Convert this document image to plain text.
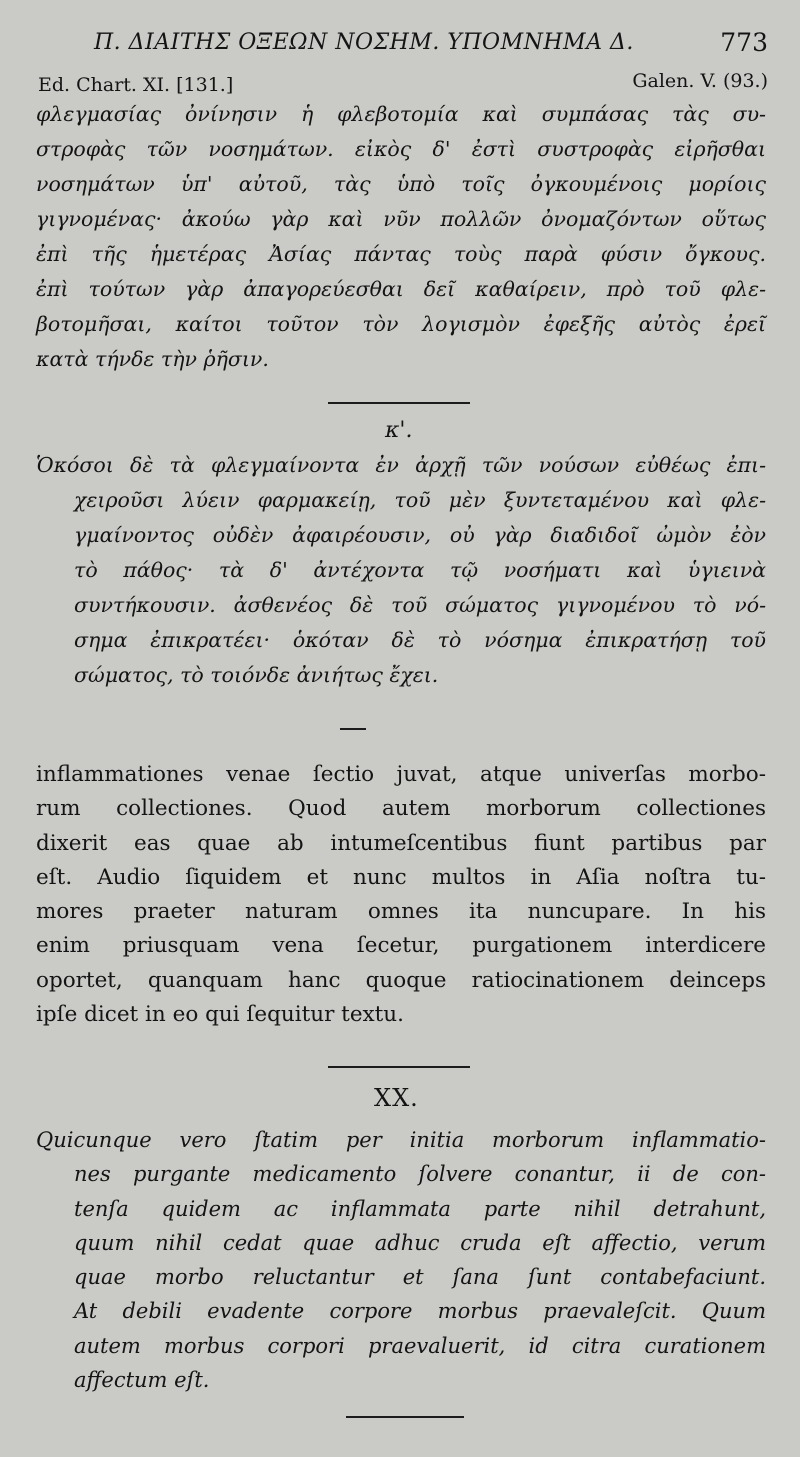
Π. ΔΙΑΙΤΗΣ ΟΞΕΩΝ ΝΟΣΗΜ. ΥΠΟΜΝΗΜΑ Δ.	773
Ed. Chart. XI. [131.]	Galen. V. (93.)
φλεγμασίας ὀνίνησιν ἡ φλεβοτομία καὶ συμπάσας τὰς συ-
στροφὰς τῶν νοσημάτων. εἰκὸς δ' ἐστὶ συστροφὰς εἰρῆσθαι
νοσημάτων ὑπ' αὐτοῦ, τὰς ὑπὸ τοῖς ὀγκουμένοις μορίοις
γιγνομένας· ἀκούω γὰρ καὶ νῦν πολλῶν ὀνομαζόντων οὕτως
ἐπὶ τῆς ἡμετέρας Ἀσίας πάντας τοὺς παρὰ φύσιν ὄγκους.
ἐπὶ τούτων γὰρ ἀπαγορεύεσθαι δεῖ καθαίρειν, πρὸ τοῦ φλε-
βοτομῆσαι, καίτοι τοῦτον τὸν λογισμὸν ἐφεξῆς αὐτὸς ἐρεῖ
κατὰ τήνδε τὴν ῥῆσιν.
κ'.
Ὁκόσοι δὲ τὰ φλεγμαίνοντα ἐν ἀρχῇ τῶν νούσων εὐθέως ἐπι-
χειροῦσι λύειν φαρμακείῃ, τοῦ μὲν ξυντεταμένου καὶ φλε-
γμαίνοντος οὐδὲν ἀφαιρέουσιν, οὐ γὰρ διαδιδοῖ ὠμὸν ἐὸν
τὸ πάθος· τὰ δ' ἀντέχοντα τῷ νοσήματι καὶ ὑγιεινὰ
συντήκουσιν. ἀσθενέος δὲ τοῦ σώματος γιγνομένου τὸ νό-
σημα ἐπικρατέει· ὁκόταν δὲ τὸ νόσημα ἐπικρατήσῃ τοῦ
σώματος, τὸ τοιόνδε ἀνιήτως ἔχει.
inflammationes venae ſectio juvat, atque univerſas morbo-
rum collectiones. Quod autem morborum collectiones
dixerit eas quae ab intumeſcentibus fiunt partibus par
eſt. Audio ſiquidem et nunc multos in Aſia noſtra tu-
mores praeter naturam omnes ita nuncupare. In his
enim priusquam vena ſecetur, purgationem interdicere
oportet, quanquam hanc quoque ratiocinationem deinceps
ipſe dicet in eo qui ſequitur textu.
XX.
Quicunque vero ſtatim per initia morborum inflammatio-
nes purgante medicamento ſolvere conantur, ii de con-
tenſa quidem ac inflammata parte nihil detrahunt,
quum nihil cedat quae adhuc cruda eſt affectio, verum
quae morbo reluctantur et ſana ſunt contabefaciunt.
At debili evadente corpore morbus praevaleſcit. Quum
autem morbus corpori praevaluerit, id citra curationem
affectum eſt.
